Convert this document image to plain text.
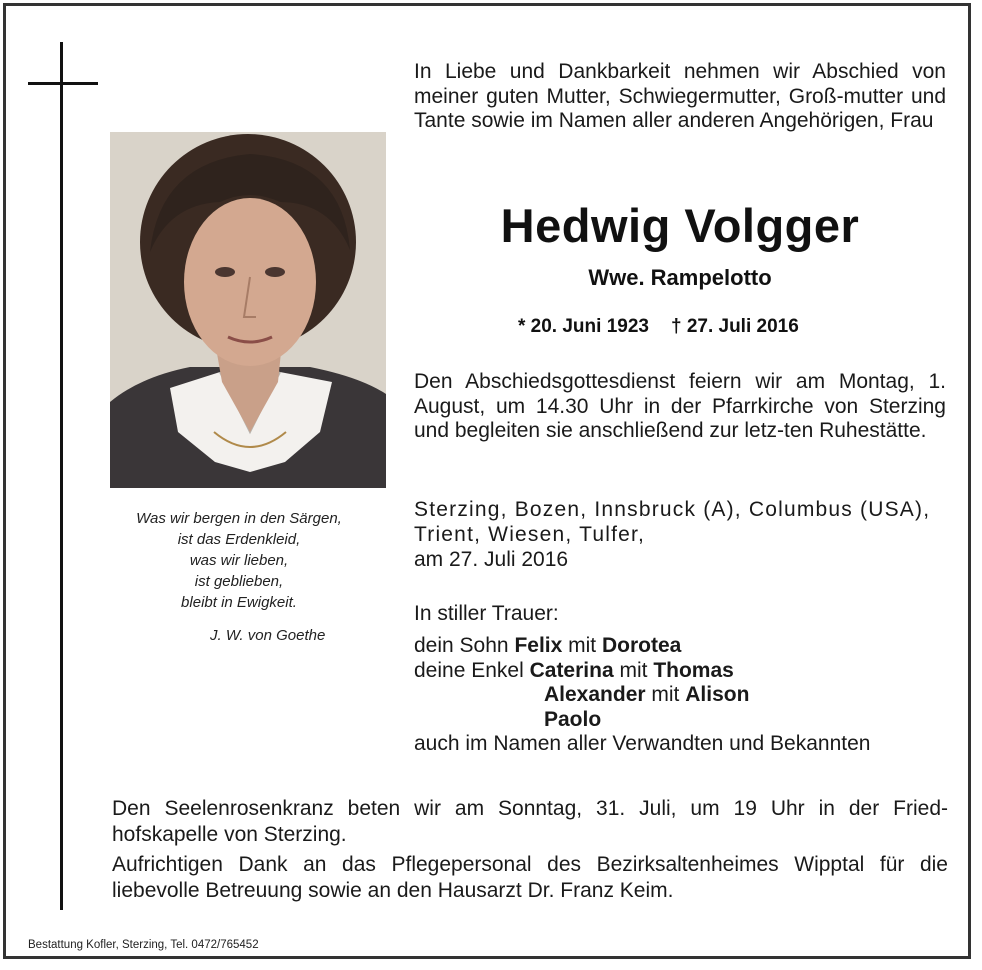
Was wir bergen in den Särgen,
ist das Erdenkleid,
was wir lieben,
ist geblieben,
bleibt in Ewigkeit.
J. W. von Goethe
In Liebe und Dankbarkeit nehmen wir Abschied von meiner guten Mutter, Schwiegermutter, Groß-mutter und Tante sowie im Namen aller anderen Angehörigen, Frau
Hedwig Volgger
Wwe. Rampelotto
* 20. Juni 1923 † 27. Juli 2016
Den Abschiedsgottesdienst feiern wir am Montag, 1. August, um 14.30 Uhr in der Pfarrkirche von Sterzing und begleiten sie anschließend zur letz-ten Ruhestätte.
Sterzing, Bozen, Innsbruck (A), Columbus (USA), Trient, Wiesen, Tulfer,
am 27. Juli 2016
In stiller Trauer:
dein Sohn Felix mit Dorotea
deine Enkel Caterina mit Thomas
Alexander mit Alison
Paolo
auch im Namen aller Verwandten und Bekannten
Den Seelenrosenkranz beten wir am Sonntag, 31. Juli, um 19 Uhr in der Fried-hofskapelle von Sterzing.
Aufrichtigen Dank an das Pflegepersonal des Bezirksaltenheimes Wipptal für die liebevolle Betreuung sowie an den Hausarzt Dr. Franz Keim.
Bestattung Kofler, Sterzing, Tel. 0472/765452
